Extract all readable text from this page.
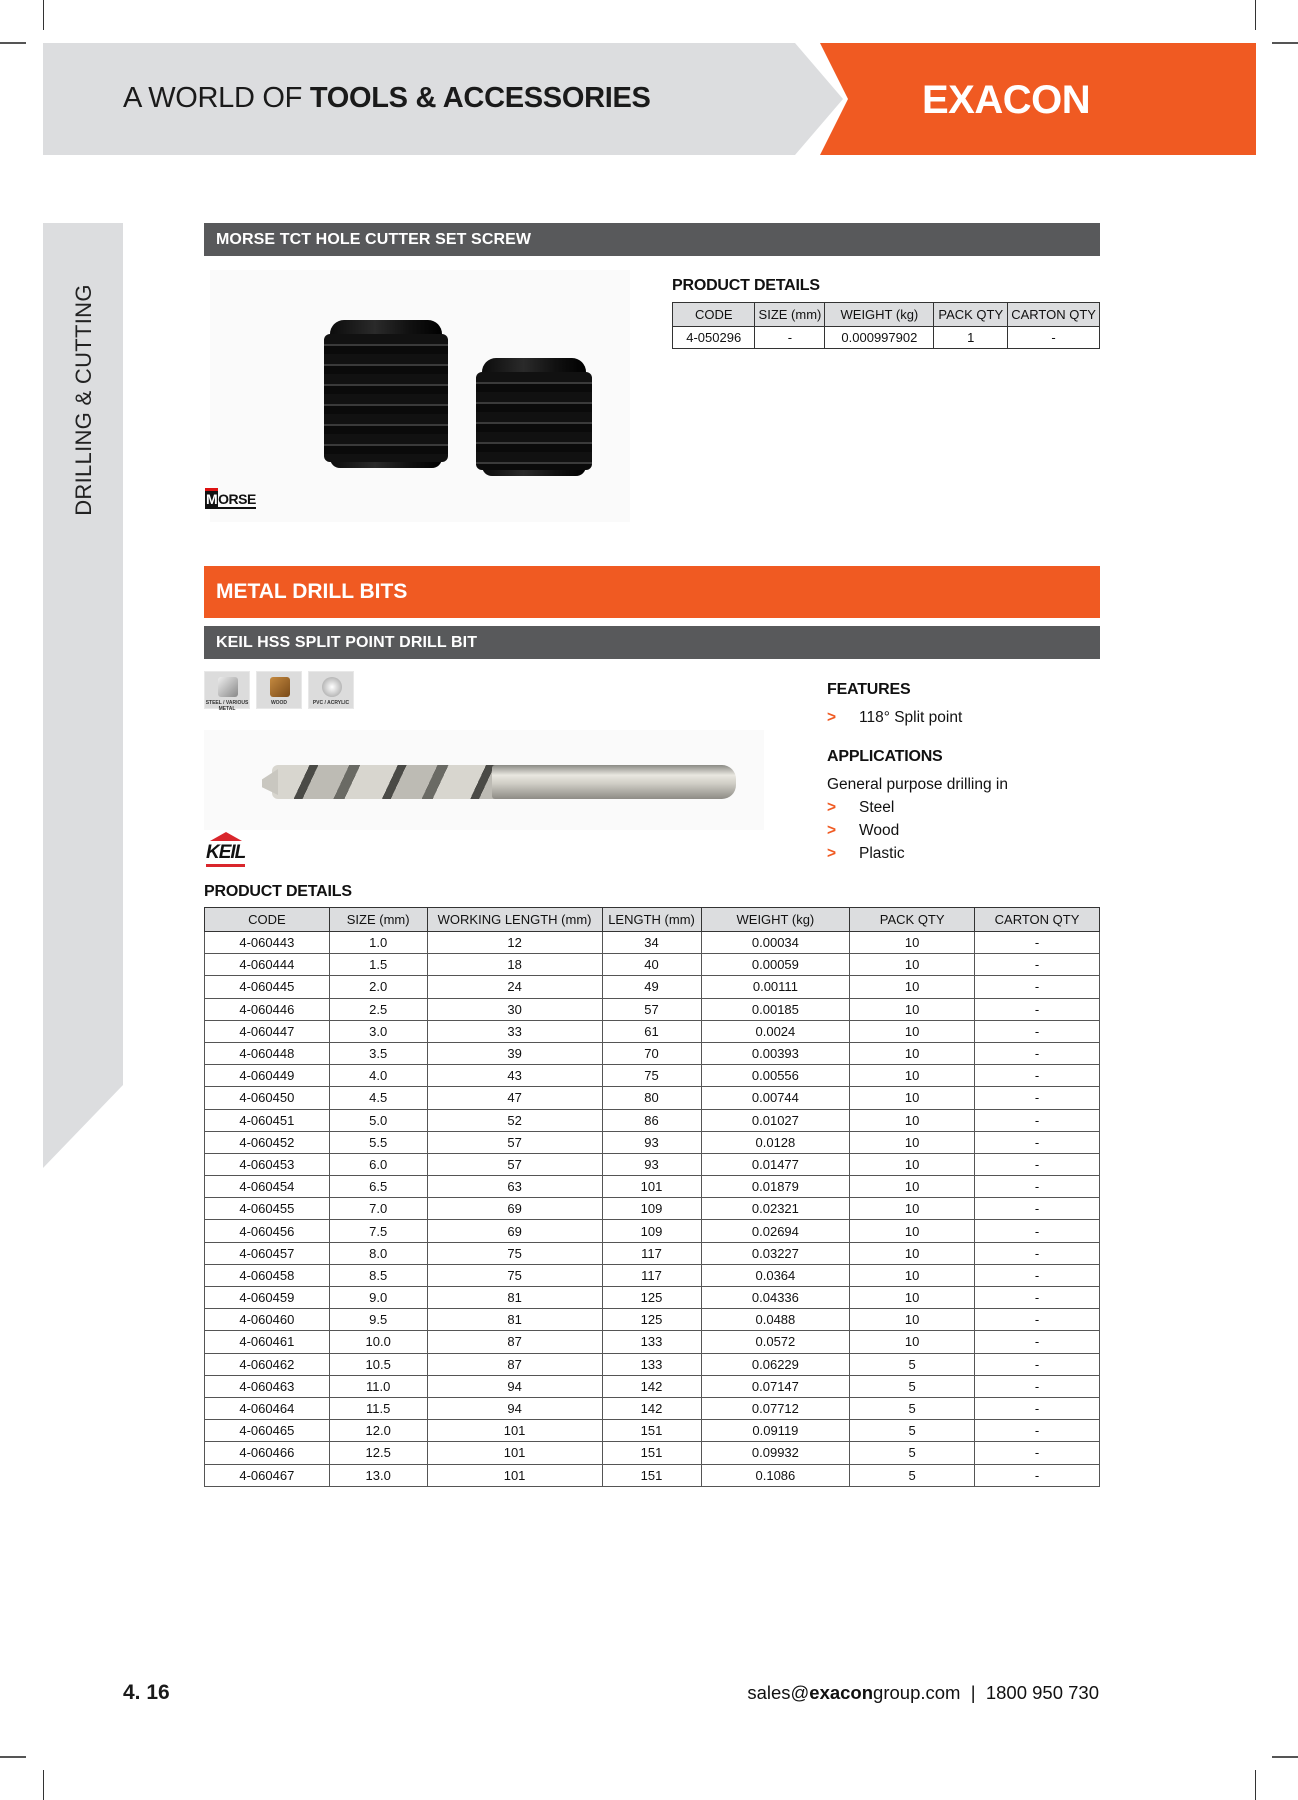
A WORLD OF TOOLS & ACCESSORIES	EXACON
DRILLING & CUTTING
MORSE TCT HOLE CUTTER SET SCREW
MORSE
PRODUCT DETAILS
CODE	SIZE (mm)	WEIGHT (kg)	PACK QTY	CARTON QTY
4-050296	-	0.000997902	1	-
METAL DRILL BITS
KEIL HSS SPLIT POINT DRILL BIT
STEEL / VARIOUS METAL
WOOD	PVC / ACRYLIC
KEIL
FEATURES
> 118° Split point
APPLICATIONS
General purpose drilling in
> Steel
> Wood
> Plastic
PRODUCT DETAILS
CODE	SIZE (mm)	WORKING LENGTH (mm)	LENGTH (mm)	WEIGHT (kg)	PACK QTY	CARTON QTY
4-060443	1.0	12	34	0.00034	10	-
4-060444	1.5	18	40	0.00059	10	-
4-060445	2.0	24	49	0.00111	10	-
4-060446	2.5	30	57	0.00185	10	-
4-060447	3.0	33	61	0.0024	10	-
4-060448	3.5	39	70	0.00393	10	-
4-060449	4.0	43	75	0.00556	10	-
4-060450	4.5	47	80	0.00744	10	-
4-060451	5.0	52	86	0.01027	10	-
4-060452	5.5	57	93	0.0128	10	-
4-060453	6.0	57	93	0.01477	10	-
4-060454	6.5	63	101	0.01879	10	-
4-060455	7.0	69	109	0.02321	10	-
4-060456	7.5	69	109	0.02694	10	-
4-060457	8.0	75	117	0.03227	10	-
4-060458	8.5	75	117	0.0364	10	-
4-060459	9.0	81	125	0.04336	10	-
4-060460	9.5	81	125	0.0488	10	-
4-060461	10.0	87	133	0.0572	10	-
4-060462	10.5	87	133	0.06229	5	-
4-060463	11.0	94	142	0.07147	5	-
4-060464	11.5	94	142	0.07712	5	-
4-060465	12.0	101	151	0.09119	5	-
4-060466	12.5	101	151	0.09932	5	-
4-060467	13.0	101	151	0.1086	5	-
4. 16	sales@exacongroup.com | 1800 950 730
